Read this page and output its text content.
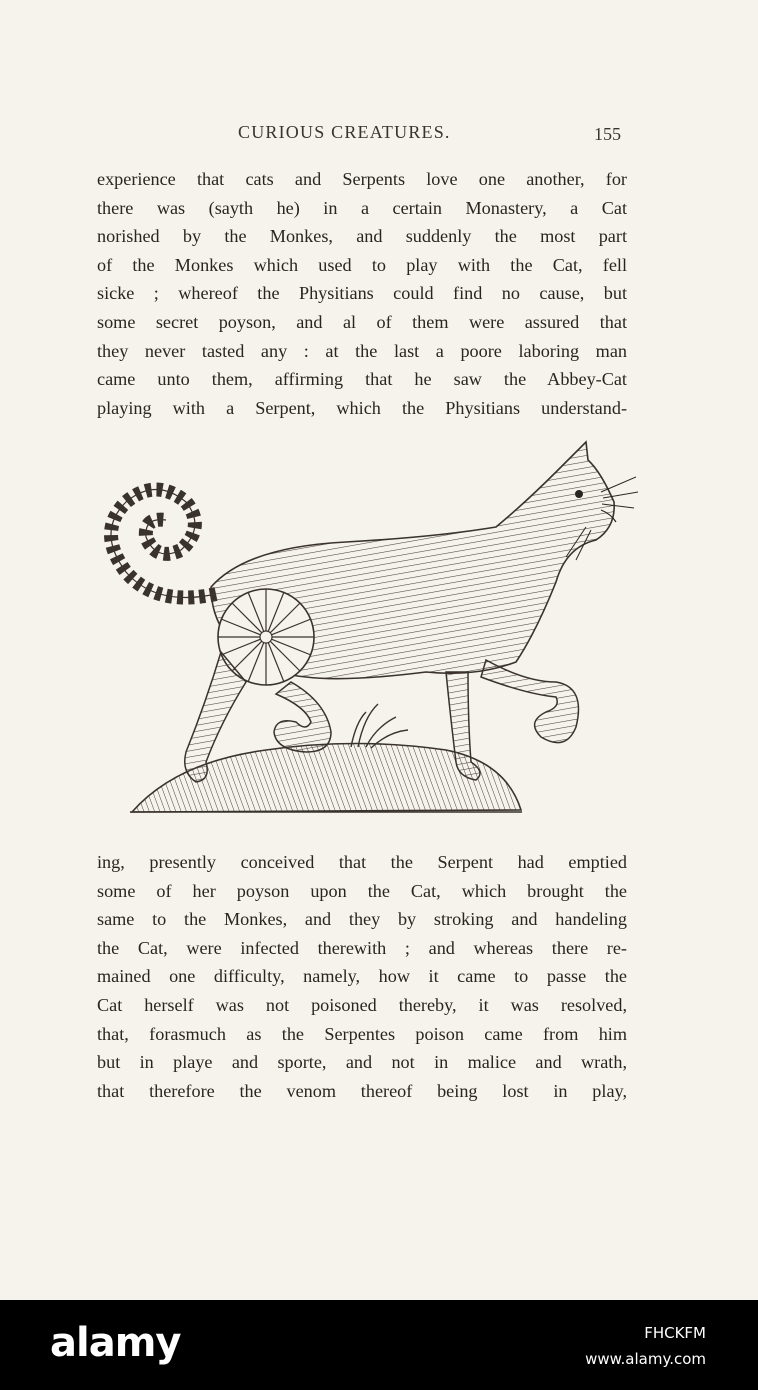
CURIOUS CREATURES.	155
experience that cats and Serpents love one another, for
there was (sayth he) in a certain Monastery, a Cat
norished by the Monkes, and suddenly the most part
of the Monkes which used to play with the Cat, fell
sicke ; whereof the Physitians could find no cause, but
some secret poyson, and al of them were assured that
they never tasted any : at the last a poore laboring man
came unto them, affirming that he saw the Abbey-Cat
playing with a Serpent, which the Physitians understand-
ing, presently conceived that the Serpent had emptied
some of her poyson upon the Cat, which brought the
same to the Monkes, and they by stroking and handeling
the Cat, were infected therewith ; and whereas there re-
mained one difficulty, namely, how it came to passe the
Cat herself was not poisoned thereby, it was resolved,
that, forasmuch as the Serpentes poison came from him
but in playe and sporte, and not in malice and wrath,
that therefore the venom thereof being lost in play,
alamy	FHCKFM
www.alamy.com
